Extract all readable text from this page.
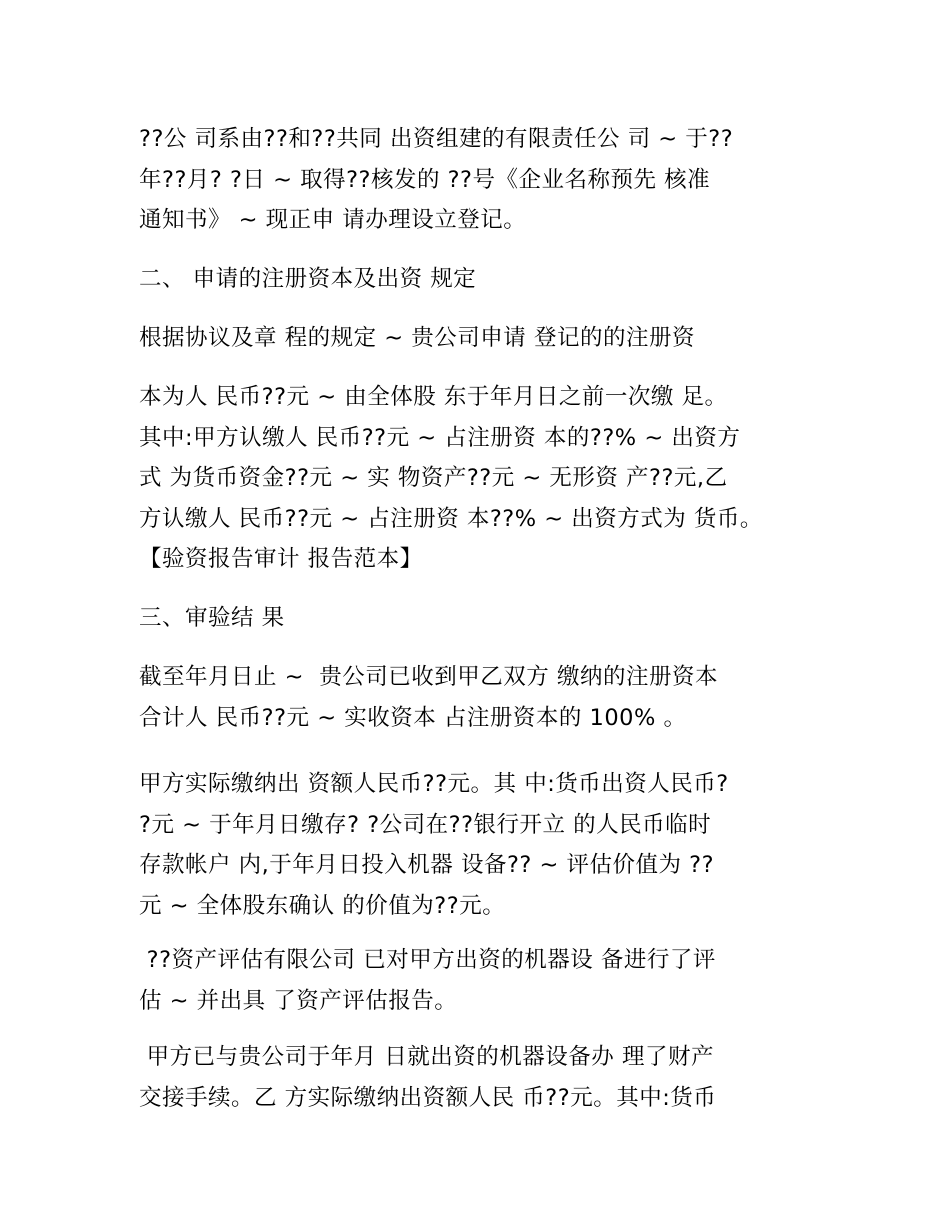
??公 司系由??和??共同 出资组建的有限责任公 司 ~ 于??
年??月? ?日 ~ 取得??核发的 ??号《企业名称预先 核准
通知书》 ~ 现正申 请办理设立登记。
二、 申请的注册资本及出资 规定
根据协议及章 程的规定 ~ 贵公司申请 登记的的注册资
本为人 民币??元 ~ 由全体股 东于年月日之前一次缴 足。
其中:甲方认缴人 民币??元 ~ 占注册资 本的??% ~ 出资方
式 为货币资金??元 ~ 实 物资产??元 ~ 无形资 产??元,乙
方认缴人 民币??元 ~ 占注册资 本??% ~ 出资方式为 货币。
【验资报告审计 报告范本】
三、审验结 果
截至年月日止 ~  贵公司已收到甲乙双方 缴纳的注册资本
合计人 民币??元 ~ 实收资本 占注册资本的 100% 。
甲方实际缴纳出 资额人民币??元。其 中:货币出资人民币?
?元 ~ 于年月日缴存? ?公司在??银行开立 的人民币临时
存款帐户 内,于年月日投入机器 设备?? ~ 评估价值为 ??
元 ~ 全体股东确认 的价值为??元。
??资产评估有限公司 已对甲方出资的机器设 备进行了评
估 ~ 并出具 了资产评估报告。
甲方已与贵公司于年月 日就出资的机器设备办 理了财产
交接手续。乙 方实际缴纳出资额人民 币??元。其中:货币
